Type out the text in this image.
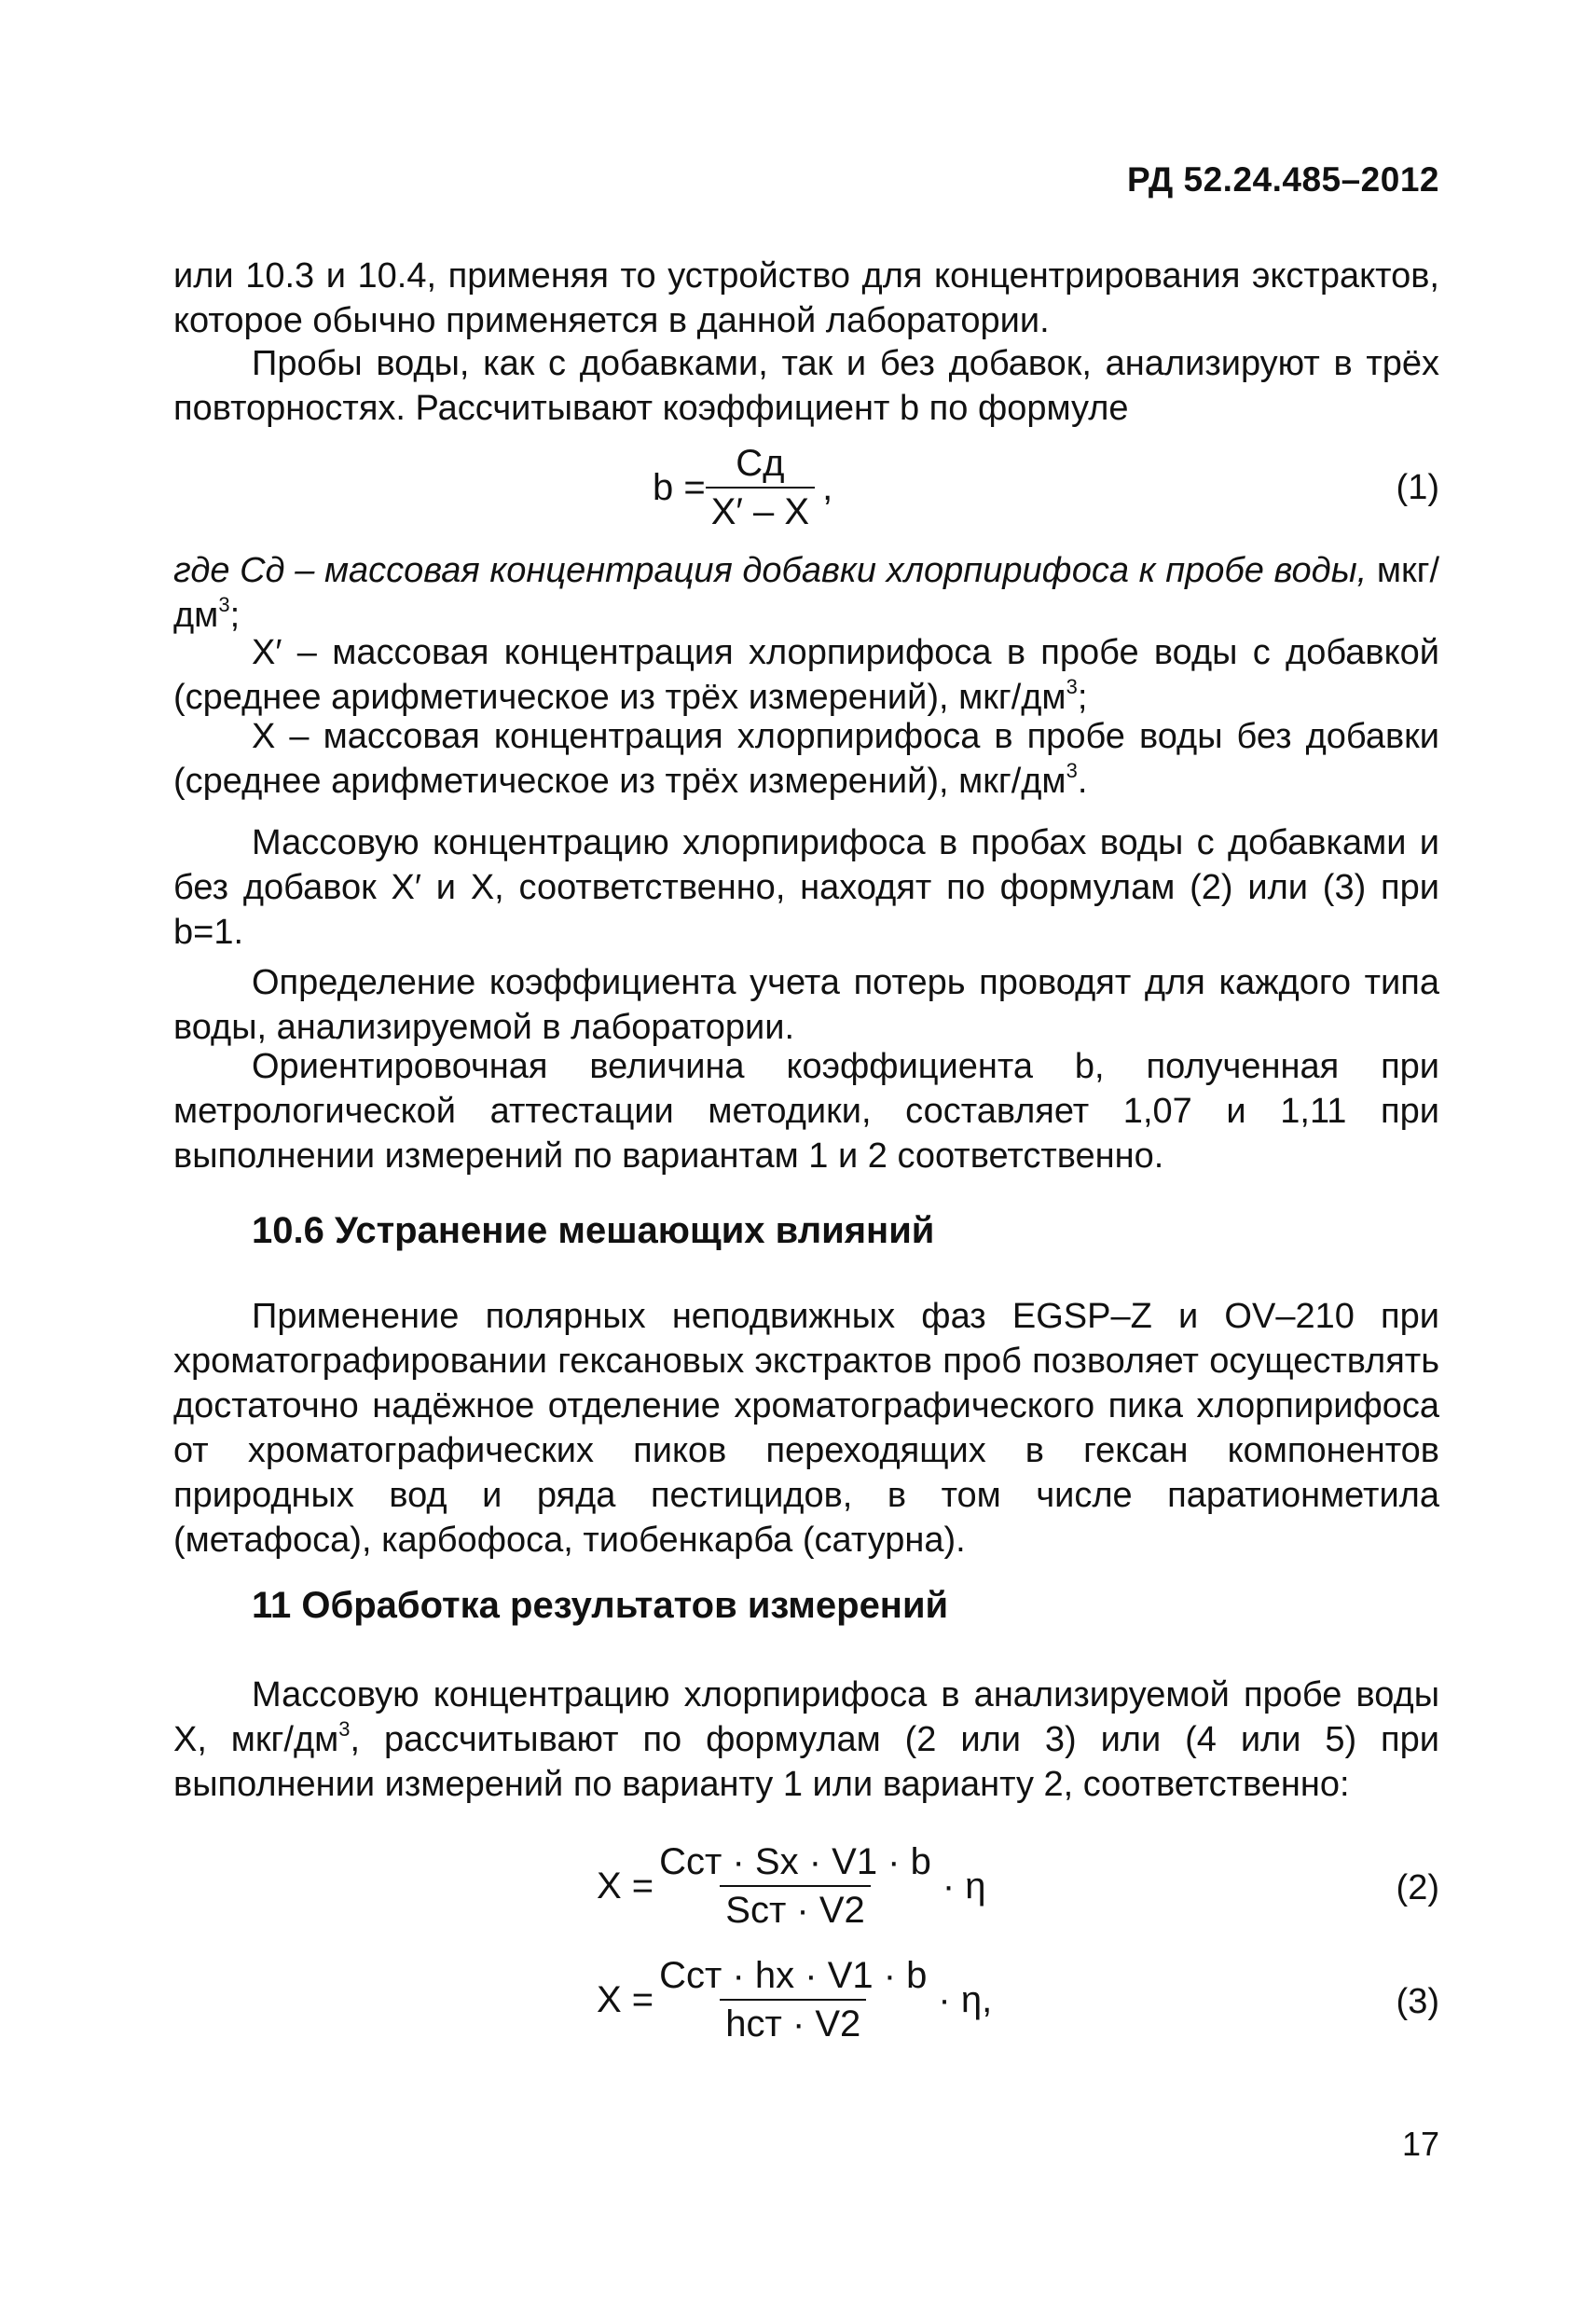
РД 52.24.485–2012

или 10.3 и 10.4, применяя то устройство для концентрирования экстрактов, которое обычно применяется в данной лаборатории.

Пробы воды, как с добавками, так и без добавок, анализируют в трёх повторностях. Рассчитывают коэффициент b по формуле

$b = \frac{Cд}{X' - X}$ ,	(1)

где Cд – массовая концентрация добавки хлорпирифоса к пробе воды, мкг/$дм^3$;

X′ – массовая концентрация хлорпирифоса в пробе воды с добавкой (среднее арифметическое из трёх измерений), мкг/$дм^3$;

X – массовая концентрация хлорпирифоса в пробе воды без добавки (среднее арифметическое из трёх измерений), мкг/$дм^3$.

Массовую концентрацию хлорпирифоса в пробах воды с добавками и без добавок X′ и X, соответственно, находят по формулам (2) или (3) при b=1.

Определение коэффициента учета потерь проводят для каждого типа воды, анализируемой в лаборатории.

Ориентировочная величина коэффициента b, полученная при метрологической аттестации методики, составляет 1,07 и 1,11 при выполнении измерений по вариантам 1 и 2 соответственно.

10.6 Устранение мешающих влияний

Применение полярных неподвижных фаз EGSP–Z и OV–210 при хроматографировании гексановых экстрактов проб позволяет осуществлять достаточно надёжное отделение хроматографического пика хлорпирифоса от хроматографических пиков переходящих в гексан компонентов природных вод и ряда пестицидов, в том числе паратионметила (метафоса), карбофоса, тиобенкарба (сатурна).

11 Обработка результатов измерений

Массовую концентрацию хлорпирифоса в анализируемой пробе воды X, мкг/$дм^3$, рассчитывают по формулам (2 или 3) или (4 или 5) при выполнении измерений по варианту 1 или варианту 2, соответственно:

$X = \frac{\text{Cст · Sx · V1 · b}}{\text{Sст · V2}} \cdot \eta$	(2)
$X = \frac{\text{Cст · hx · V1 · b}}{\text{hст · V2}} \cdot \eta$,	(3)
17
